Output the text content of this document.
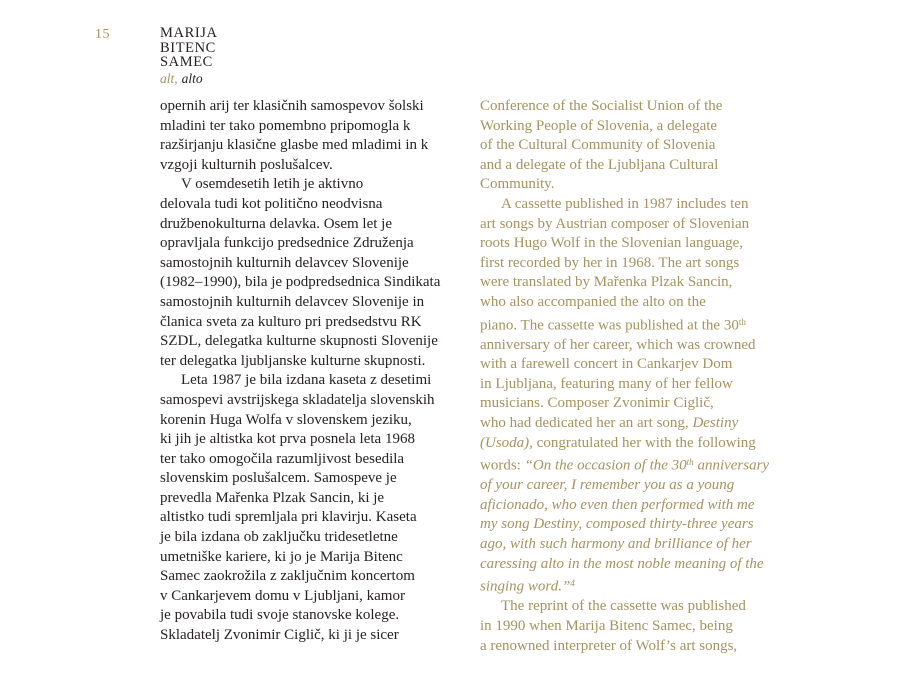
15	MARIJA
BITENC
SAMEC
alt, alto
opernih arij ter klasičnih samospevov šolski
mladini ter tako pomembno pripomogla k
razširjanju klasične glasbe med mladimi in k
vzgoji kulturnih poslušalcev.
V osemdesetih letih je aktivno
delovala tudi kot politično neodvisna
družbenokulturna delavka. Osem let je
opravljala funkcijo predsednice Združenja
samostojnih kulturnih delavcev Slovenije
(1982–1990), bila je podpredsednica Sindikata
samostojnih kulturnih delavcev Slovenije in
članica sveta za kulturo pri predsedstvu RK
SZDL, delegatka kulturne skupnosti Slovenije
ter delegatka ljubljanske kulturne skupnosti.
Leta 1987 je bila izdana kaseta z desetimi
samospevi avstrijskega skladatelja slovenskih
korenin Huga Wolfa v slovenskem jeziku,
ki jih je altistka kot prva posnela leta 1968
ter tako omogočila razumljivost besedila
slovenskim poslušalcem. Samospeve je
prevedla Mařenka Plzak Sancin, ki je
altistko tudi spremljala pri klavirju. Kaseta
je bila izdana ob zaključku tridesetletne
umetniške kariere, ki jo je Marija Bitenc
Samec zaokrožila z zaključnim koncertom
v Cankarjevem domu v Ljubljani, kamor
je povabila tudi svoje stanovske kolege.
Skladatelj Zvonimir Ciglič, ki ji je sicer
Conference of the Socialist Union of the
Working People of Slovenia, a delegate
of the Cultural Community of Slovenia
and a delegate of the Ljubljana Cultural
Community.
A cassette published in 1987 includes ten
art songs by Austrian composer of Slovenian
roots Hugo Wolf in the Slovenian language,
first recorded by her in 1968. The art songs
were translated by Mařenka Plzak Sancin,
who also accompanied the alto on the
piano. The cassette was published at the 30th
anniversary of her career, which was crowned
with a farewell concert in Cankarjev Dom
in Ljubljana, featuring many of her fellow
musicians. Composer Zvonimir Ciglič,
who had dedicated her an art song, Destiny
(Usoda), congratulated her with the following
words: “On the occasion of the 30th anniversary
of your career, I remember you as a young
aficionado, who even then performed with me
my song Destiny, composed thirty-three years
ago, with such harmony and brilliance of her
caressing alto in the most noble meaning of the
singing word.”$^4$
The reprint of the cassette was published
in 1990 when Marija Bitenc Samec, being
a renowned interpreter of Wolf’s art songs,
